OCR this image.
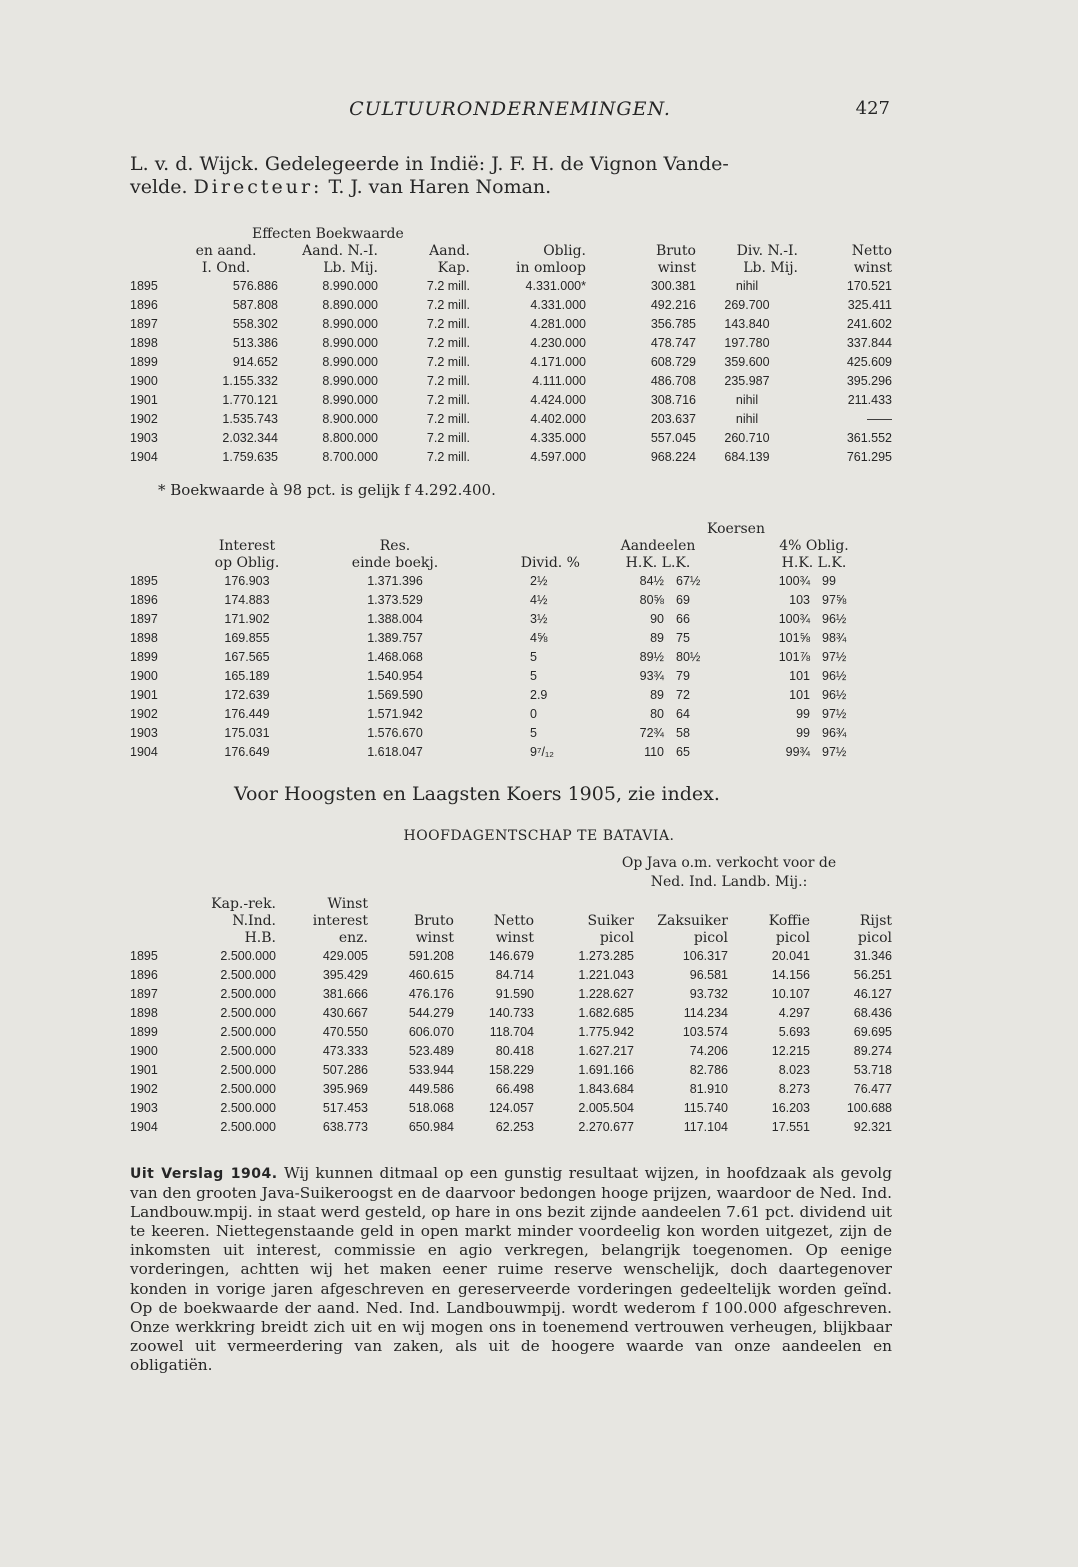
CULTUURONDERNEMINGEN.	427
L. v. d. Wijck. Gedelegeerde in Indië: J. F. H. de Vignon Vande-
velde. Directeur: T. J. van Haren Noman.
	Effecten Boekwaarde						
	en aand.	Aand. N.-I.	Aand.	Oblig.	Bruto	Div. N.-I.	Netto
	I. Ond.	Lb. Mij.	Kap.	in omloop	winst	Lb. Mij.	winst
1895	576.886	8.990.000	7.2 mill.	4.331.000*	300.381	nihil	170.521
1896	587.808	8.890.000	7.2 mill.	4.331.000	492.216	269.700	325.411
1897	558.302	8.990.000	7.2 mill.	4.281.000	356.785	143.840	241.602
1898	513.386	8.990.000	7.2 mill.	4.230.000	478.747	197.780	337.844
1899	914.652	8.990.000	7.2 mill.	4.171.000	608.729	359.600	425.609
1900	1.155.332	8.990.000	7.2 mill.	4.111.000	486.708	235.987	395.296
1901	1.770.121	8.990.000	7.2 mill.	4.424.000	308.716	nihil	211.433
1902	1.535.743	8.900.000	7.2 mill.	4.402.000	203.637	nihil	——
1903	2.032.344	8.800.000	7.2 mill.	4.335.000	557.045	260.710	361.552
1904	1.759.635	8.700.000	7.2 mill.	4.597.000	968.224	684.139	761.295
* Boekwaarde à 98 pct. is gelijk f 4.292.400.
				Koersen			
	Interest	Res.		Aandeelen		4% Oblig.	
	op Oblig.	einde boekj.	Divid. %	H.K. L.K.		H.K. L.K.	
1895	176.903	1.371.396	2½	84½	67½	100¾	99
1896	174.883	1.373.529	4½	80⅝	69	103	97⅝
1897	171.902	1.388.004	3½	90	66	100¾	96½
1898	169.855	1.389.757	4⅝	89	75	101⅝	98¾
1899	167.565	1.468.068	5	89½	80½	101⅞	97½
1900	165.189	1.540.954	5	93¾	79	101	96½
1901	172.639	1.569.590	2.9	89	72	101	96½
1902	176.449	1.571.942	0	80	64	99	97½
1903	175.031	1.576.670	5	72¾	58	99	96¾
1904	176.649	1.618.047	9⁷/₁₂	110	65	99¾	97½
Voor Hoogsten en Laagsten Koers 1905, zie index.
HOOFDAGENTSCHAP TE BATAVIA.
Op Java o.m. verkocht voor de
Ned. Ind. Landb. Mij.:
	Kap.-rek.	Winst						
	N.Ind.	interest	Bruto	Netto	Suiker	Zaksuiker	Koffie	Rijst
	H.B.	enz.	winst	winst	picol	picol	picol	picol
1895	2.500.000	429.005	591.208	146.679	1.273.285	106.317	20.041	31.346
1896	2.500.000	395.429	460.615	84.714	1.221.043	96.581	14.156	56.251
1897	2.500.000	381.666	476.176	91.590	1.228.627	93.732	10.107	46.127
1898	2.500.000	430.667	544.279	140.733	1.682.685	114.234	4.297	68.436
1899	2.500.000	470.550	606.070	118.704	1.775.942	103.574	5.693	69.695
1900	2.500.000	473.333	523.489	80.418	1.627.217	74.206	12.215	89.274
1901	2.500.000	507.286	533.944	158.229	1.691.166	82.786	8.023	53.718
1902	2.500.000	395.969	449.586	66.498	1.843.684	81.910	8.273	76.477
1903	2.500.000	517.453	518.068	124.057	2.005.504	115.740	16.203	100.688
1904	2.500.000	638.773	650.984	62.253	2.270.677	117.104	17.551	92.321
Uit Verslag 1904. Wij kunnen ditmaal op een gunstig resultaat wijzen, in hoofdzaak als gevolg van den grooten Java-Suikeroogst en de daarvoor bedongen hooge prijzen, waardoor de Ned. Ind. Landbouw.mpij. in staat werd gesteld, op hare in ons bezit zijnde aandeelen 7.61 pct. dividend uit te keeren. Niettegenstaande geld in open markt minder voordeelig kon worden uitgezet, zijn de inkomsten uit interest, commissie en agio verkregen, belangrijk toegenomen. Op eenige vorderingen, achtten wij het maken eener ruime reserve wenschelijk, doch daartegenover konden in vorige jaren afgeschreven en gereserveerde vorderingen gedeeltelijk worden geïnd. Op de boekwaarde der aand. Ned. Ind. Landbouwmpij. wordt wederom f 100.000 afgeschreven. Onze werkkring breidt zich uit en wij mogen ons in toenemend vertrouwen verheugen, blijkbaar zoowel uit vermeerdering van zaken, als uit de hoogere waarde van onze aandeelen en obligatiën.
